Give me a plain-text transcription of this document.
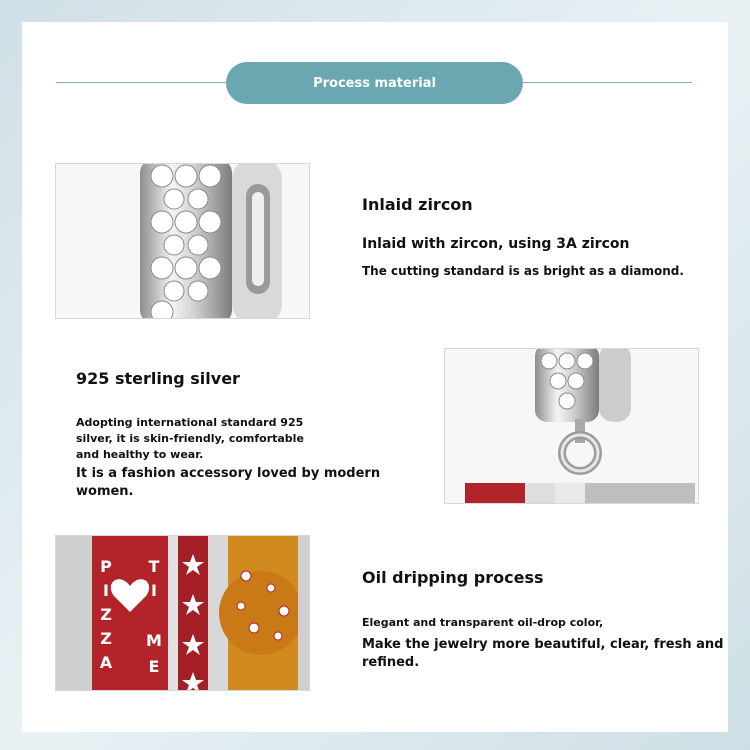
Process material
Inlaid zircon
Inlaid with zircon, using 3A zircon
The cutting standard is as bright as a diamond.
925 sterling silver
Adopting international standard 925
silver, it is skin-friendly, comfortable
and healthy to wear.
It is a fashion accessory loved by modern
women.
P
I
Z
Z
A
T
I
M
E
Oil dripping process
Elegant and transparent oil-drop color,
Make the jewelry more beautiful, clear, fresh and
refined.
